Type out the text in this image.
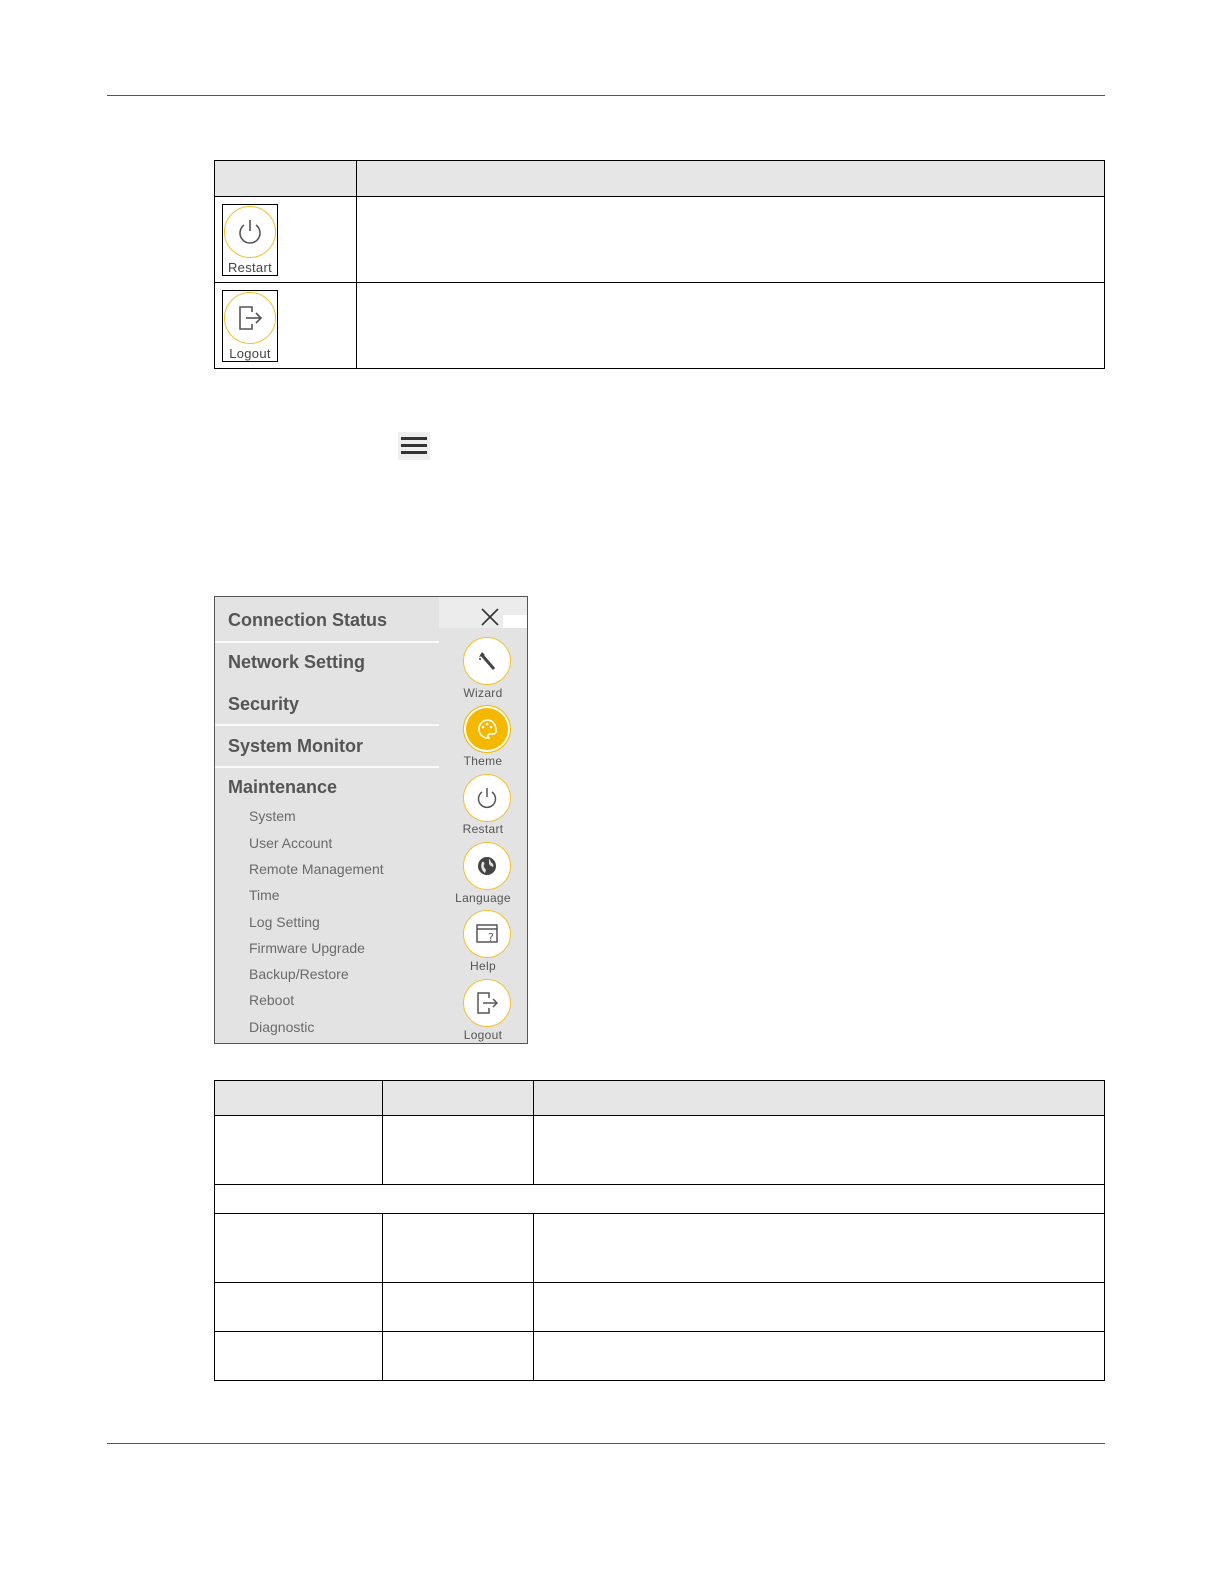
Restart	

Logout	

Connection Status
Network Setting
Security
System Monitor
Maintenance
System
User Account
Remote Management
Time
Log Setting
Firmware Upgrade
Backup/Restore
Reboot
Diagnostic
Wizard
Theme
Restart
Language
?
Help
Logout
